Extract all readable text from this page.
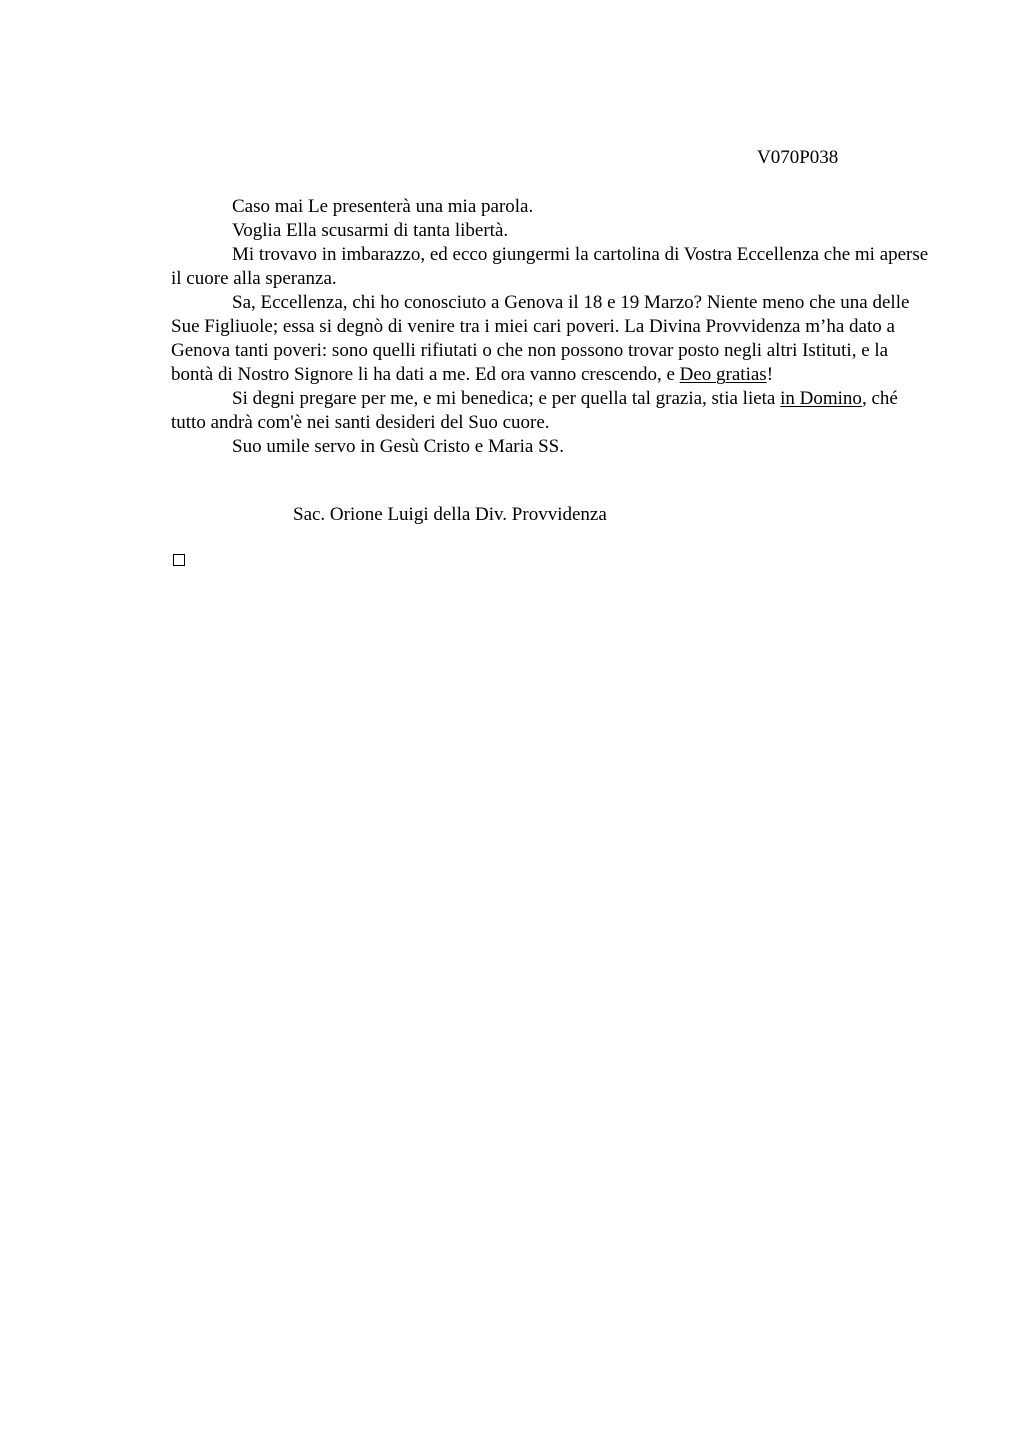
V070P038

Caso mai Le presenterà una mia parola.

Voglia Ella scusarmi di tanta libertà.

Mi trovavo in imbarazzo, ed ecco giungermi la cartolina di Vostra Eccellenza che mi aperse il cuore alla speranza.

Sa, Eccellenza, chi ho conosciuto a Genova il 18 e 19 Marzo? Niente meno che una delle Sue Figliuole; essa si degnò di venire tra i miei cari poveri. La Divina Provvidenza m’ha dato a Genova tanti poveri: sono quelli rifiutati o che non possono trovar posto negli altri Istituti, e la bontà di Nostro Signore li ha dati a me. Ed ora vanno crescendo, e Deo gratias!

Si degni pregare per me, e mi benedica; e per quella tal grazia, stia lieta in Domino, ché tutto andrà com'è nei santi desideri del Suo cuore.

Suo umile servo in Gesù Cristo e Maria SS.

Sac. Orione Luigi della Div. Provvidenza
